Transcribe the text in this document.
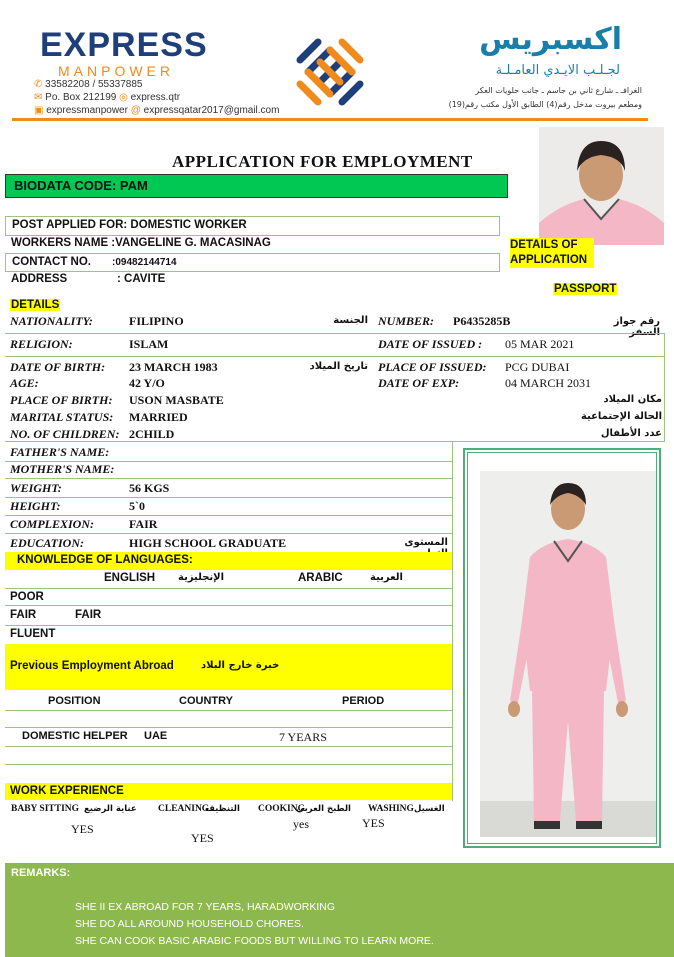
EXPRESS
MANPOWER
✆ 33582208 / 55337885
✉ Po. Box 212199 ◎ express.qtr
▣ expressmanpower @ expressqatar2017@gmail.com
اكسبريس
لجـلـب الايـدي العامـلـة
الغرافـ ـ شارع ثاني بن جاسم ـ جانب حلويات العكر
ومطعم بيروت مدخل رقم(4) الطابق الأول مكتب رقم(19)
APPLICATION FOR EMPLOYMENT
BIODATA CODE: PAM
POST APPLIED FOR: DOMESTIC WORKER
WORKERS NAME :VANGELINE G. MACASINAG
CONTACT NO. :09482144714
ADDRESS	: CAVITE
DETAILS OF APPLICATION
PASSPORT
DETAILS
NATIONALITY:	FILIPINO	الجنسة
RELIGION:	ISLAM
DATE OF BIRTH: 23 MARCH 1983	تاريخ الميلاد
AGE:	42 Y/O
PLACE OF BIRTH: USON MASBATE	مكان الميلاد
MARITAL STATUS: MARRIED	الحالة الإجتماعية
NO. OF CHILDREN: 2CHILD	عدد الأطفال
FATHER'S NAME:
MOTHER'S NAME:
WEIGHT:	56 KGS
HEIGHT:	5`0
COMPLEXION:	FAIR
EDUCATION:	HIGH SCHOOL GRADUATE	المستوى
NUMBER: P6435285B	رقم جواز
DATE OF ISSUED : 05 MAR 2021
PLACE OF ISSUED: PCG DUBAI
DATE OF EXP:	04 MARCH 2031
KNOWLEDGE OF LANGUAGES:
ENGLISH الإنجليزية	ARABIC	العربية
POOR
FAIR	FAIR
FLUENT
Previous Employment Abroad	خبرة خارج البلاد
POSITION	COUNTRY	PERIOD
DOMESTIC HELPER UAE	7 YEARS
WORK EXPERIENCE
BABY SITTING عناية الرضيع
YES
CLEANING
التنظيف
YES
COOKING
الطبخ العربي
yes
WASHING الغسيل
YES
REMARKS:
SHE II EX ABROAD FOR 7 YEARS, HARADWORKING
SHE DO ALL AROUND HOUSEHOLD CHORES.
SHE CAN COOK BASIC ARABIC FOODS BUT WILLING TO LEARN MORE.
